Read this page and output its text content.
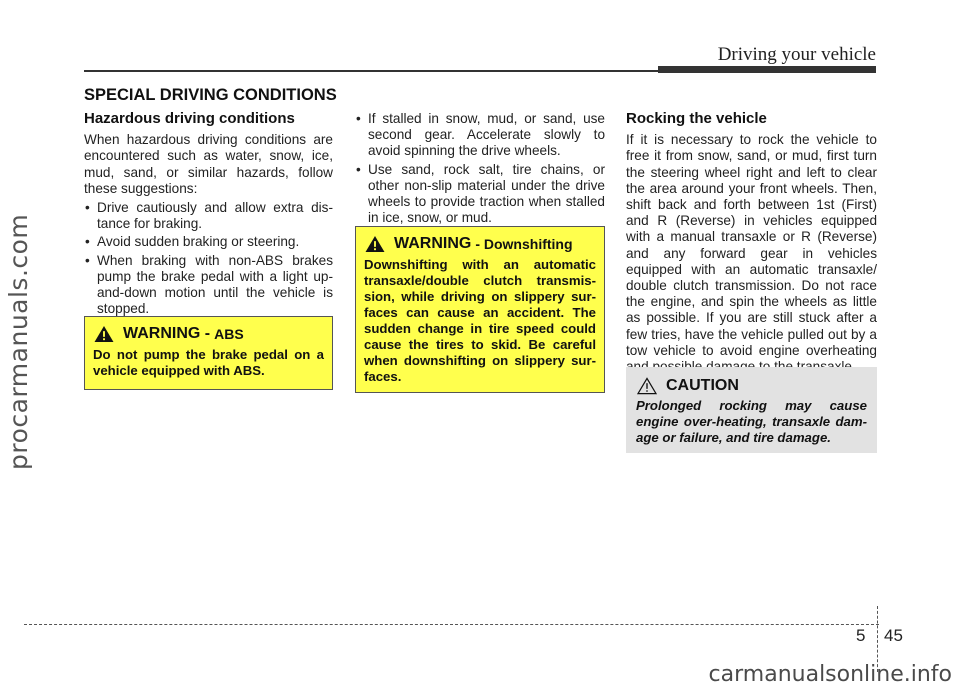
procarmanuals.com
Driving your vehicle
SPECIAL DRIVING CONDITIONS
Hazardous driving conditions

When hazardous driving conditions are encountered such as water, snow, ice, mud, sand, or similar hazards, follow these suggestions:

• Drive cautiously and allow extra dis-tance for braking.
• Avoid sudden braking or steering.
• When braking with non-ABS brakes pump the brake pedal with a light up-and-down motion until the vehicle is stopped.
WARNING - ABS

Do not pump the brake pedal on a vehicle equipped with ABS.

• If stalled in snow, mud, or sand, use second gear. Accelerate slowly to avoid spinning the drive wheels.
• Use sand, rock salt, tire chains, or other non-slip material under the drive wheels to provide traction when stalled in ice, snow, or mud.
WARNING - Downshifting

Downshifting with an automatic transaxle/double clutch transmis-sion, while driving on slippery sur-faces can cause an accident. The sudden change in tire speed could cause the tires to skid. Be careful when downshifting on slippery sur-faces.

Rocking the vehicle

If it is necessary to rock the vehicle to free it from snow, sand, or mud, first turn the steering wheel right and left to clear the area around your front wheels. Then, shift back and forth between 1st (First) and R (Reverse) in vehicles equipped with a manual transaxle or R (Reverse) and any forward gear in vehicles equipped with an automatic transaxle/ double clutch transmission. Do not race the engine, and spin the wheels as little as possible. If you are still stuck after a few tries, have the vehicle pulled out by a tow vehicle to avoid engine overheating

CAUTION

Prolonged rocking may cause engine over-heating, transaxle dam-age or failure, and tire damage.

5 45
carmanualsonline.info
